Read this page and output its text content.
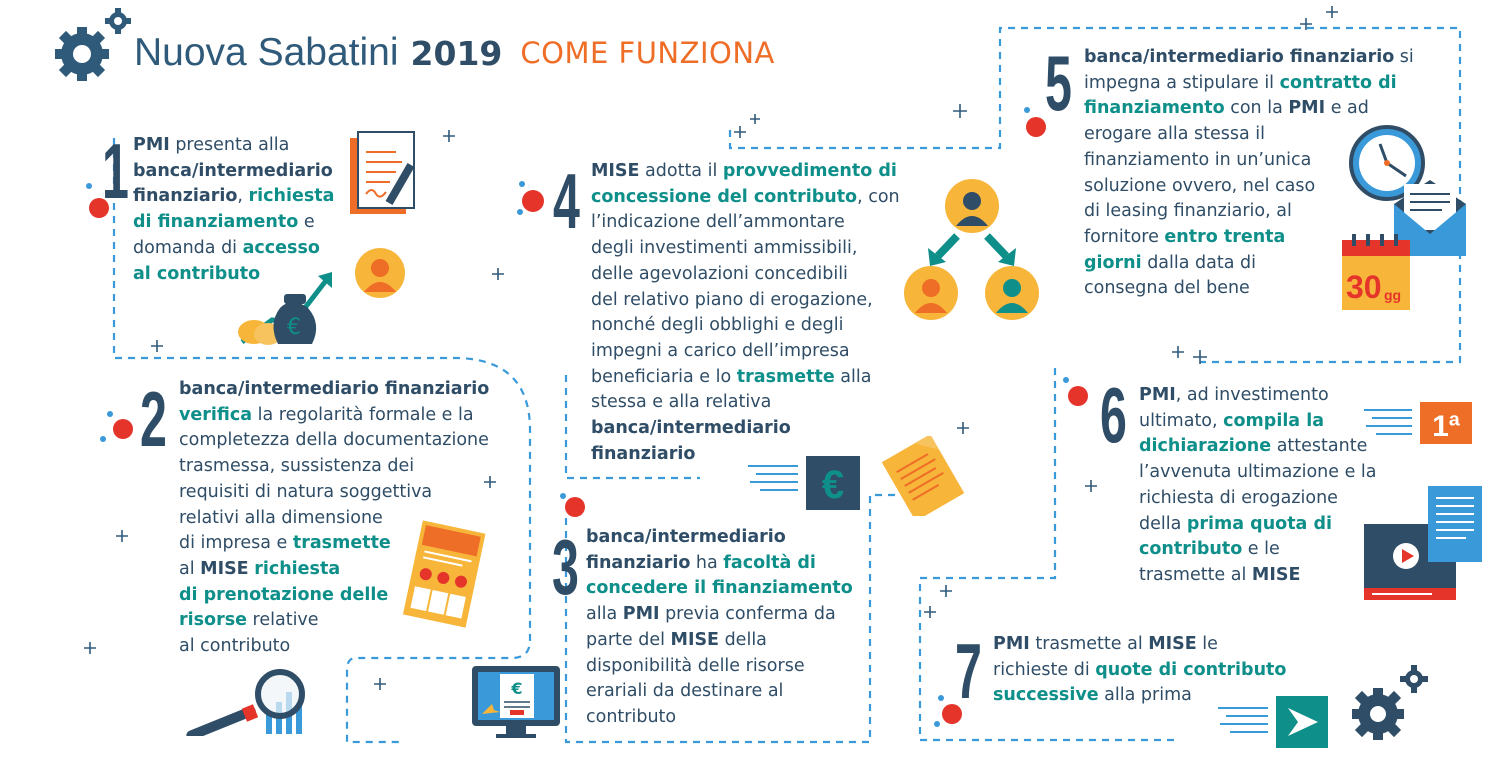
Nuova Sabatini 2019 COME FUNZIONA
1
2
3
4
5
6
7
PMI presenta alla
banca/intermediario
finanziario, richiesta
di finanziamento e
domanda di accesso
al contributo
banca/intermediario finanziario
verifica la regolarità formale e la
completezza della documentazione
trasmessa, sussistenza dei
requisiti di natura soggettiva
relativi alla dimensione
di impresa e trasmette
al MISE richiesta
di prenotazione delle
risorse relative
al contributo
banca/intermediario
finanziario ha facoltà di
concedere il finanziamento
alla PMI previa conferma da
parte del MISE della
disponibilità delle risorse
erariali da destinare al
contributo
MISE adotta il provvedimento di
concessione del contributo, con
l’indicazione dell’ammontare
degli investimenti ammissibili,
delle agevolazioni concedibili
del relativo piano di erogazione,
nonché degli obblighi e degli
impegni a carico dell’impresa
beneficiaria e lo trasmette alla
stessa e alla relativa
banca/intermediario
finanziario
banca/intermediario finanziario si
impegna a stipulare il contratto di
finanziamento con la PMI e ad
erogare alla stessa il
finanziamento in un’unica
soluzione ovvero, nel caso
di leasing finanziario, al
fornitore entro trenta
giorni dalla data di
consegna del bene
PMI, ad investimento
ultimato, compila la
dichiarazione attestante
l’avvenuta ultimazione e la
richiesta di erogazione
della prima quota di
contributo e le
trasmette al MISE
PMI trasmette al MISE le
richieste di quote di contributo
successive alla prima
€
€
€
30 gg
1ª
